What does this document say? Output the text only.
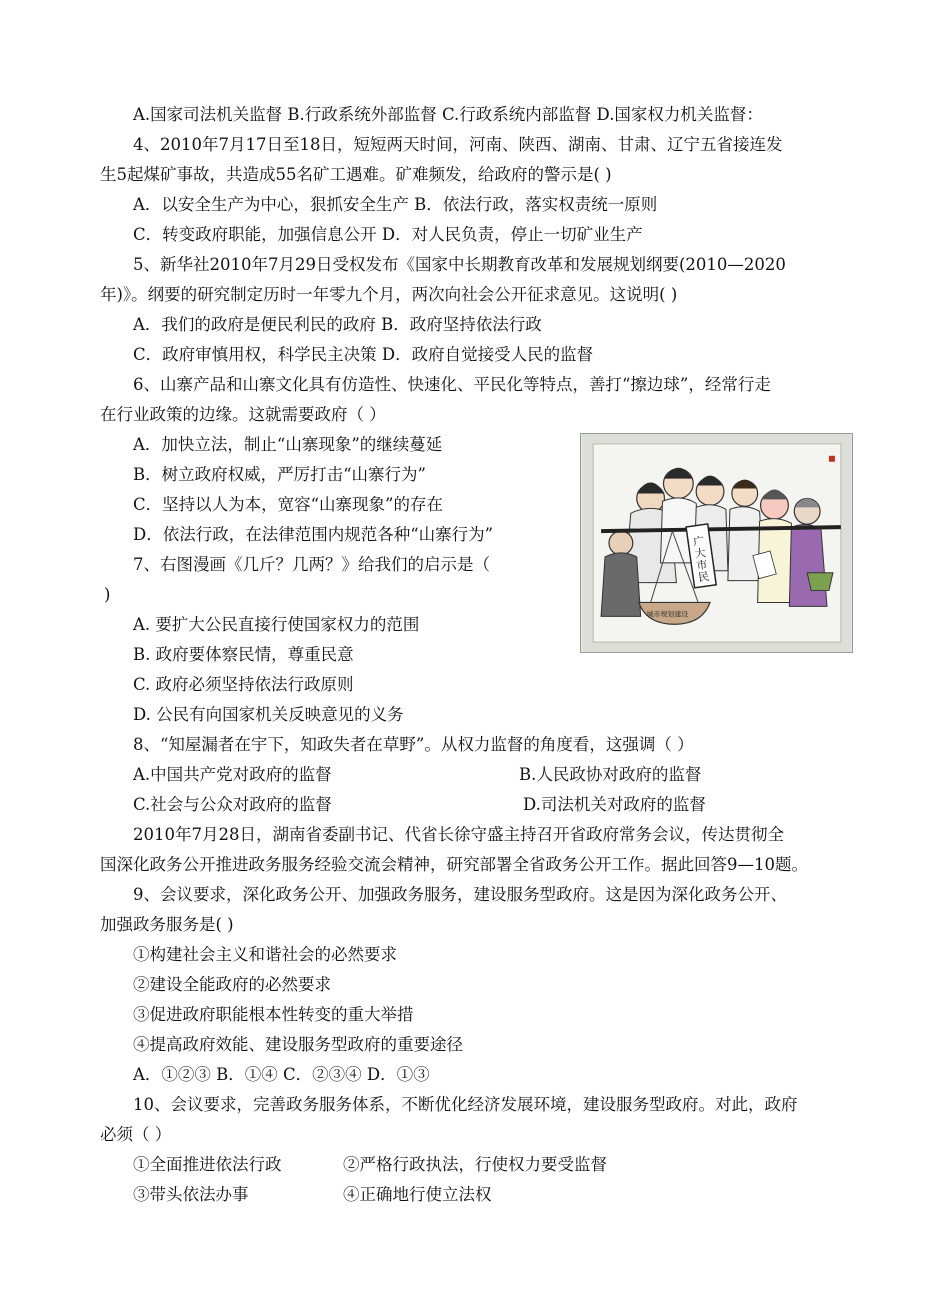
A.国家司法机关监督 B.行政系统外部监督 C.行政系统内部监督 D.国家权力机关监督：
4、2010年7月17日至18日，短短两天时间，河南、陕西、湖南、甘肃、辽宁五省接连发
生5起煤矿事故，共造成55名矿工遇难。矿难频发，给政府的警示是( )
A．以安全生产为中心，狠抓安全生产 B．依法行政，落实权责统一原则
C．转变政府职能，加强信息公开 D．对人民负责，停止一切矿业生产
5、新华社2010年7月29日受权发布《国家中长期教育改革和发展规划纲要(2010—2020
年)》。纲要的研究制定历时一年零九个月，两次向社会公开征求意见。这说明( )
A．我们的政府是便民利民的政府 B．政府坚持依法行政
C．政府审慎用权，科学民主决策 D．政府自觉接受人民的监督
6、山寨产品和山寨文化具有仿造性、快速化、平民化等特点，善打“擦边球”，经常行走
在行业政策的边缘。这就需要政府（ ）
A．加快立法，制止“山寨现象”的继续蔓延
B．树立政府权威，严厉打击“山寨行为”
C．坚持以人为本，宽容“山寨现象”的存在
D．依法行政，在法律范围内规范各种“山寨行为”
7、右图漫画《几斤？几两？》给我们的启示是（
)
A. 要扩大公民直接行使国家权力的范围
B. 政府要体察民情，尊重民意
C. 政府必须坚持依法行政原则
D. 公民有向国家机关反映意见的义务
8、“知屋漏者在宇下，知政失者在草野”。从权力监督的角度看，这强调（ ）
A.中国共产党对政府的监督	B.人民政协对政府的监督
C.社会与公众对政府的监督	D.司法机关对政府的监督
2010年7月28日，湖南省委副书记、代省长徐守盛主持召开省政府常务会议，传达贯彻全
国深化政务公开推进政务服务经验交流会精神，研究部署全省政务公开工作。据此回答9—10题。
9、会议要求，深化政务公开、加强政务服务，建设服务型政府。这是因为深化政务公开、
加强政务服务是( )
①构建社会主义和谐社会的必然要求
②建设全能政府的必然要求
③促进政府职能根本性转变的重大举措
④提高政府效能、建设服务型政府的重要途径
A．①②③ B．①④ C．②③④ D．①③
10、会议要求，完善政务服务体系，不断优化经济发展环境，建设服务型政府。对此，政府
必须（ ）
①全面推进依法行政	②严格行政执法，行使权力要受监督
③带头依法办事	④正确地行使立法权
广大市民
城市规划建设
